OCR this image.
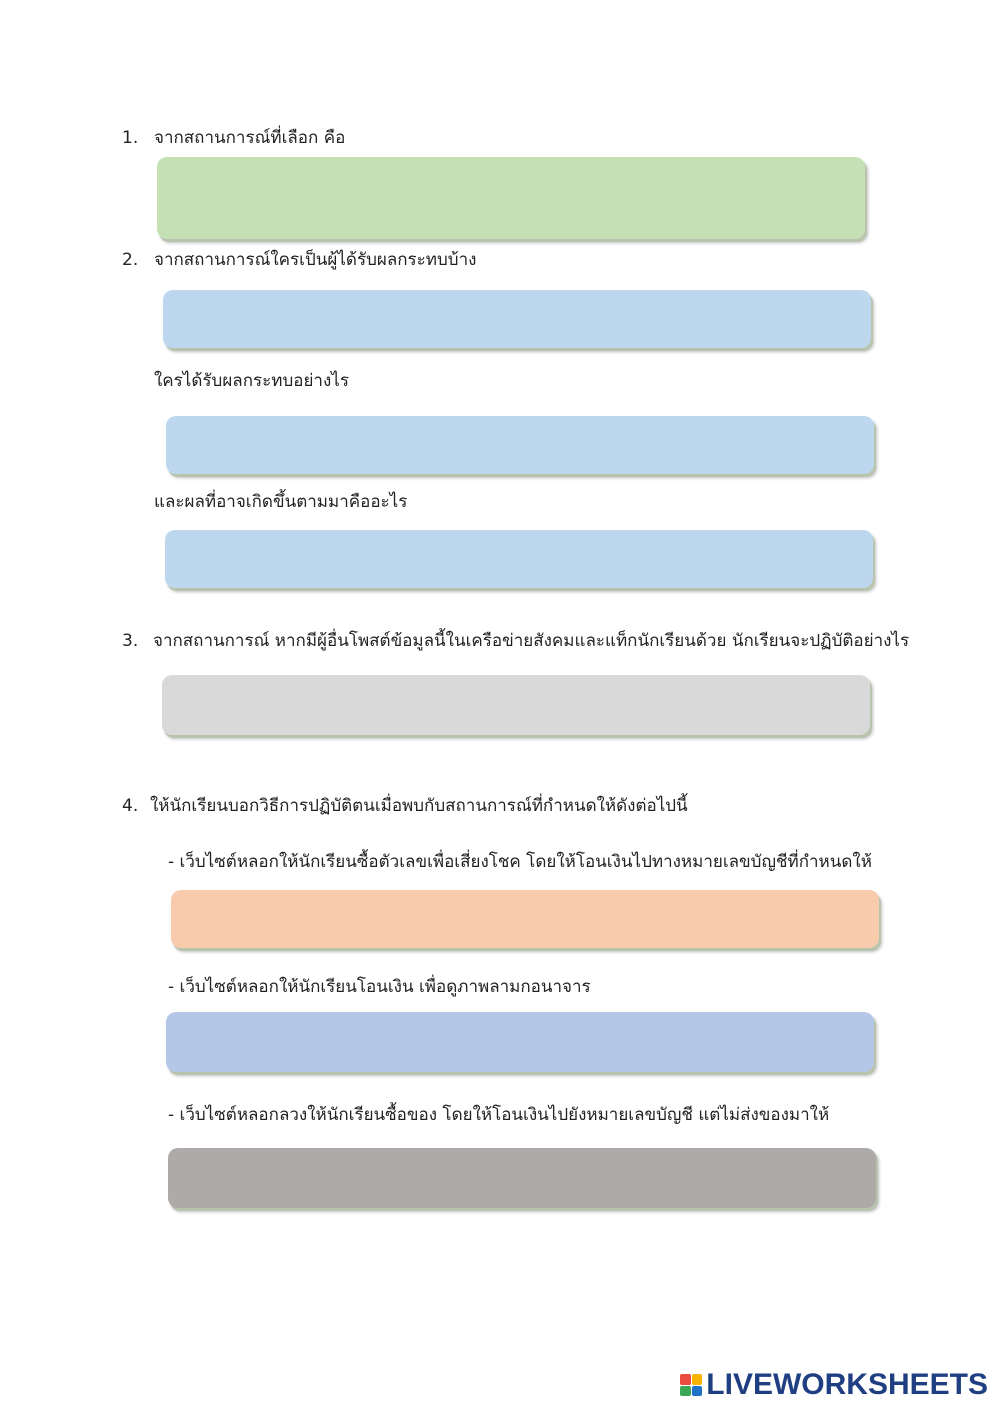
1. จากสถานการณ์ที่เลือก คือ
2. จากสถานการณ์ใครเป็นผู้ได้รับผลกระทบบ้าง
ใครได้รับผลกระทบอย่างไร
และผลที่อาจเกิดขึ้นตามมาคืออะไร
3. จากสถานการณ์ หากมีผู้อื่นโพสต์ข้อมูลนี้ในเครือข่ายสังคมและแท็กนักเรียนด้วย นักเรียนจะปฏิบัติอย่างไร
4. ให้นักเรียนบอกวิธีการปฏิบัติตนเมื่อพบกับสถานการณ์ที่กำหนดให้ดังต่อไปนี้
- เว็บไซต์หลอกให้นักเรียนซื้อตัวเลขเพื่อเสี่ยงโชค โดยให้โอนเงินไปทางหมายเลขบัญชีที่กำหนดให้
- เว็บไซต์หลอกให้นักเรียนโอนเงิน เพื่อดูภาพลามกอนาจาร
- เว็บไซต์หลอกลวงให้นักเรียนซื้อของ โดยให้โอนเงินไปยังหมายเลขบัญชี แต่ไม่ส่งของมาให้
LIVEWORKSHEETS
